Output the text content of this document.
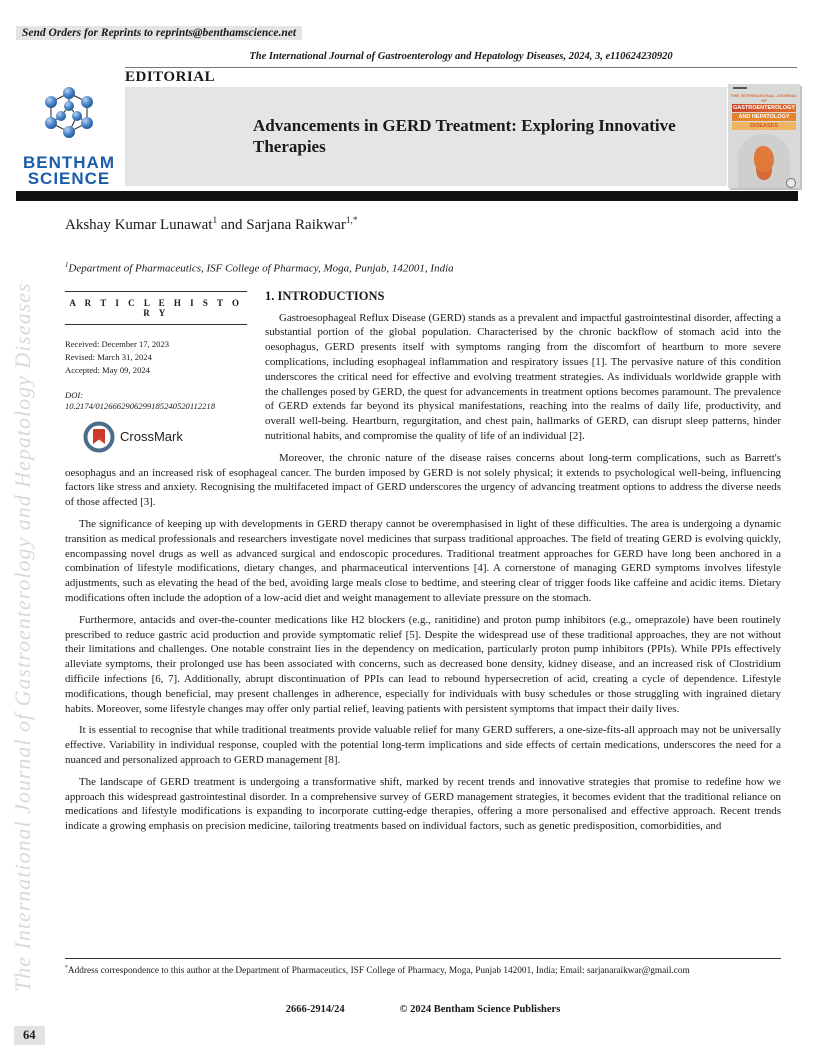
Send Orders for Reprints to reprints@benthamscience.net
The International Journal of Gastroenterology and Hepatology Diseases, 2024, 3, e110624230920
EDITORIAL
Advancements in GERD Treatment: Exploring Innovative Therapies
BENTHAM
SCIENCE
THE INTERNATIONAL JOURNAL OF
GASTROENTEROLOGY
AND HEPATOLOGY
DISEASES
The International Journal of Gastroenterology and Hepatology Diseases
64

Akshay Kumar Lunawat$^1$ and Sarjana Raikwar$^{1,*}$

$^1$Department of Pharmaceutics, ISF College of Pharmacy, Moga, Punjab, 142001, India

A R T I C L E H I S T O R Y
Received: December 17, 2023
Revised: March 31, 2024
Accepted: May 09, 2024
DOI:
10.2174/0126662906299185240520112218
CrossMark
1. INTRODUCTIONS

Gastroesophageal Reflux Disease (GERD) stands as a prevalent and impactful gastrointestinal disorder, affecting a substantial portion of the global population. Characterised by the chronic backflow of stomach acid into the oesophagus, GERD presents itself with symptoms ranging from the discomfort of heartburn to more severe complications, including esophageal inflammation and respiratory issues [1]. The pervasive nature of this condition underscores the critical need for effective and evolving treatment strategies. As individuals worldwide grapple with the challenges posed by GERD, the quest for advancements in treatment options becomes paramount. The prevalence of GERD extends far beyond its physical manifestations, reaching into the realms of daily life, productivity, and overall well-being. Heartburn, regurgitation, and chest pain, hallmarks of GERD, can disrupt sleep patterns, hinder nutritional habits, and compromise the quality of life of an individual [2].

Moreover, the chronic nature of the disease raises concerns about long-term complications, such as Barrett's oesophagus and an increased risk of esophageal cancer. The burden imposed by GERD is not solely physical; it extends to psychological well-being, influencing factors like stress and anxiety. Recognising the multifaceted impact of GERD underscores the urgency of advancing treatment options to address the diverse needs of those affected [3].

The significance of keeping up with developments in GERD therapy cannot be overemphasised in light of these difficulties. The area is undergoing a dynamic transition as medical professionals and researchers investigate novel medicines that surpass traditional approaches. The field of treating GERD is evolving quickly, encompassing novel drugs as well as advanced surgical and endoscopic procedures. Traditional treatment approaches for GERD have long been anchored in a combination of lifestyle modifications, dietary changes, and pharmaceutical interventions [4]. A cornerstone of managing GERD symptoms involves lifestyle adjustments, such as elevating the head of the bed, avoiding large meals close to bedtime, and steering clear of trigger foods like caffeine and acidic items. Dietary modifications often include the adoption of a low-acid diet and weight management to alleviate pressure on the stomach.

Furthermore, antacids and over-the-counter medications like H2 blockers (e.g., ranitidine) and proton pump inhibitors (e.g., omeprazole) have been routinely prescribed to reduce gastric acid production and provide symptomatic relief [5]. Despite the widespread use of these traditional approaches, they are not without their limitations and challenges. One notable constraint lies in the dependency on medication, particularly proton pump inhibitors (PPIs). While PPIs effectively alleviate symptoms, their prolonged use has been associated with concerns, such as decreased bone density, kidney disease, and an increased risk of Clostridium difficile infections [6, 7]. Additionally, abrupt discontinuation of PPIs can lead to rebound hypersecretion of acid, creating a cycle of dependence. Lifestyle modifications, though beneficial, may present challenges in adherence, especially for individuals with busy schedules or those struggling with ingrained dietary habits. Moreover, some lifestyle changes may offer only partial relief, leaving patients with persistent symptoms that impact their daily lives.

It is essential to recognise that while traditional treatments provide valuable relief for many GERD sufferers, a one-size-fits-all approach may not be universally effective. Variability in individual response, coupled with the potential long-term implications and side effects of certain medications, underscores the need for a nuanced and personalized approach to GERD management [8].

The landscape of GERD treatment is undergoing a transformative shift, marked by recent trends and innovative strategies that promise to redefine how we approach this widespread gastrointestinal disorder. In a comprehensive survey of GERD management strategies, it becomes evident that the traditional reliance on medications and lifestyle modifications is expanding to incorporate cutting-edge therapies, offering a more personalised and effective approach. Recent trends indicate a growing emphasis on precision medicine, tailoring treatments based on individual factors, such as genetic predisposition, comorbidities, and

*Address correspondence to this author at the Department of Pharmaceutics, ISF College of Pharmacy, Moga, Punjab 142001, India; Email: sarjanaraikwar@gmail.com
2666-2914/24	© 2024 Bentham Science Publishers
